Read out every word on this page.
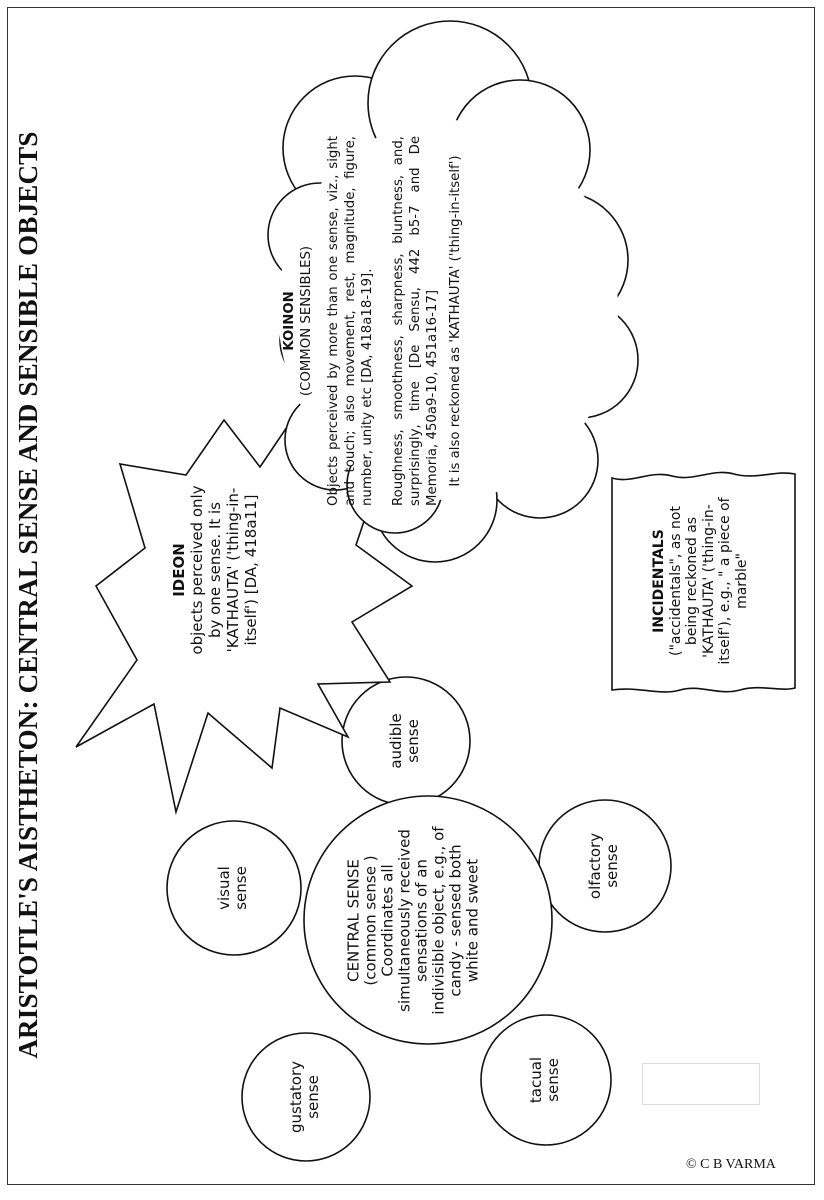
ARISTOTLE'S AISTHETON: CENTRAL SENSE AND SENSIBLE OBJECTS	visual sense
audible sense
gustatory sense
olfactory sense
tacual sense
CENTRAL SENSE (common sense ) Coordinates all simultaneously received sensations of an indivisible object, e.g., of candy - sensed both white and sweet
IDEON objects perceived only by one sense. It is 'KATHAUTA' ('thing-in-itself') [DA, 418a11]
KOINON (COMMON SENSIBLES) Objects perceived by more than one sense, viz., sight and touch; also movement, rest, magnitude, figure, number, unity etc [DA, 418a18-19]. Roughness, smoothness, sharpness, bluntness, and, surprisingly, time [De Sensu, 442 b5-7 and De Memoria, 450a9-10, 451a16-17] It is also reckoned as 'KATHAUTA' ('thing-in-itself')

INCIDENTALS ("accidentals", as not being reckoned as 'KATHAUTA' ('thing-in-itself'), e.g., " a piece of marble"
© C B VARMA
